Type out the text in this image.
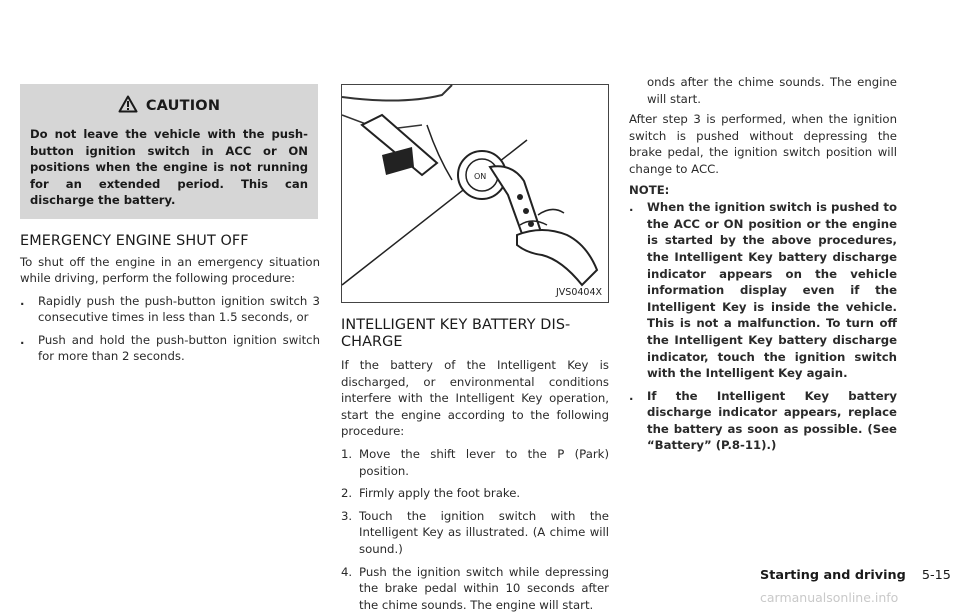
CAUTION
Do not leave the vehicle with the push-button ignition switch in ACC or ON positions when the engine is not running for an extended period. This can discharge the battery.
EMERGENCY ENGINE SHUT OFF

To shut off the engine in an emergency situation while driving, perform the following procedure:

.	Rapidly push the push-button ignition switch 3 consecutive times in less than 1.5 seconds, or
.	Push and hold the push-button ignition switch for more than 2 seconds.
ON
JVS0404X
INTELLIGENT KEY BATTERY DIS-
CHARGE

If the battery of the Intelligent Key is discharged, or environmental conditions interfere with the Intelligent Key operation, start the engine according to the following procedure:

1. Move the shift lever to the P (Park) position.
2. Firmly apply the foot brake.
3. Touch the ignition switch with the Intelligent Key as illustrated. (A chime will sound.)
4. Push the ignition switch while depressing the brake pedal within 10 seconds after the chime sounds. The engine will start.

onds after the chime sounds. The engine will start.

After step 3 is performed, when the ignition switch is pushed without depressing the brake pedal, the ignition switch position will change to ACC.

NOTE:

.	When the ignition switch is pushed to the ACC or ON position or the engine is started by the above procedures, the Intelligent Key battery discharge indicator appears on the vehicle information display even if the Intelligent Key is inside the vehicle. This is not a malfunction. To turn off the Intelligent Key battery discharge indicator, touch the ignition switch with the Intelligent Key again.
.	If the Intelligent Key battery discharge indicator appears, replace the battery as soon as possible. (See “Battery” (P.8-11).)
Starting and driving 5-15
carmanualsonline.info
